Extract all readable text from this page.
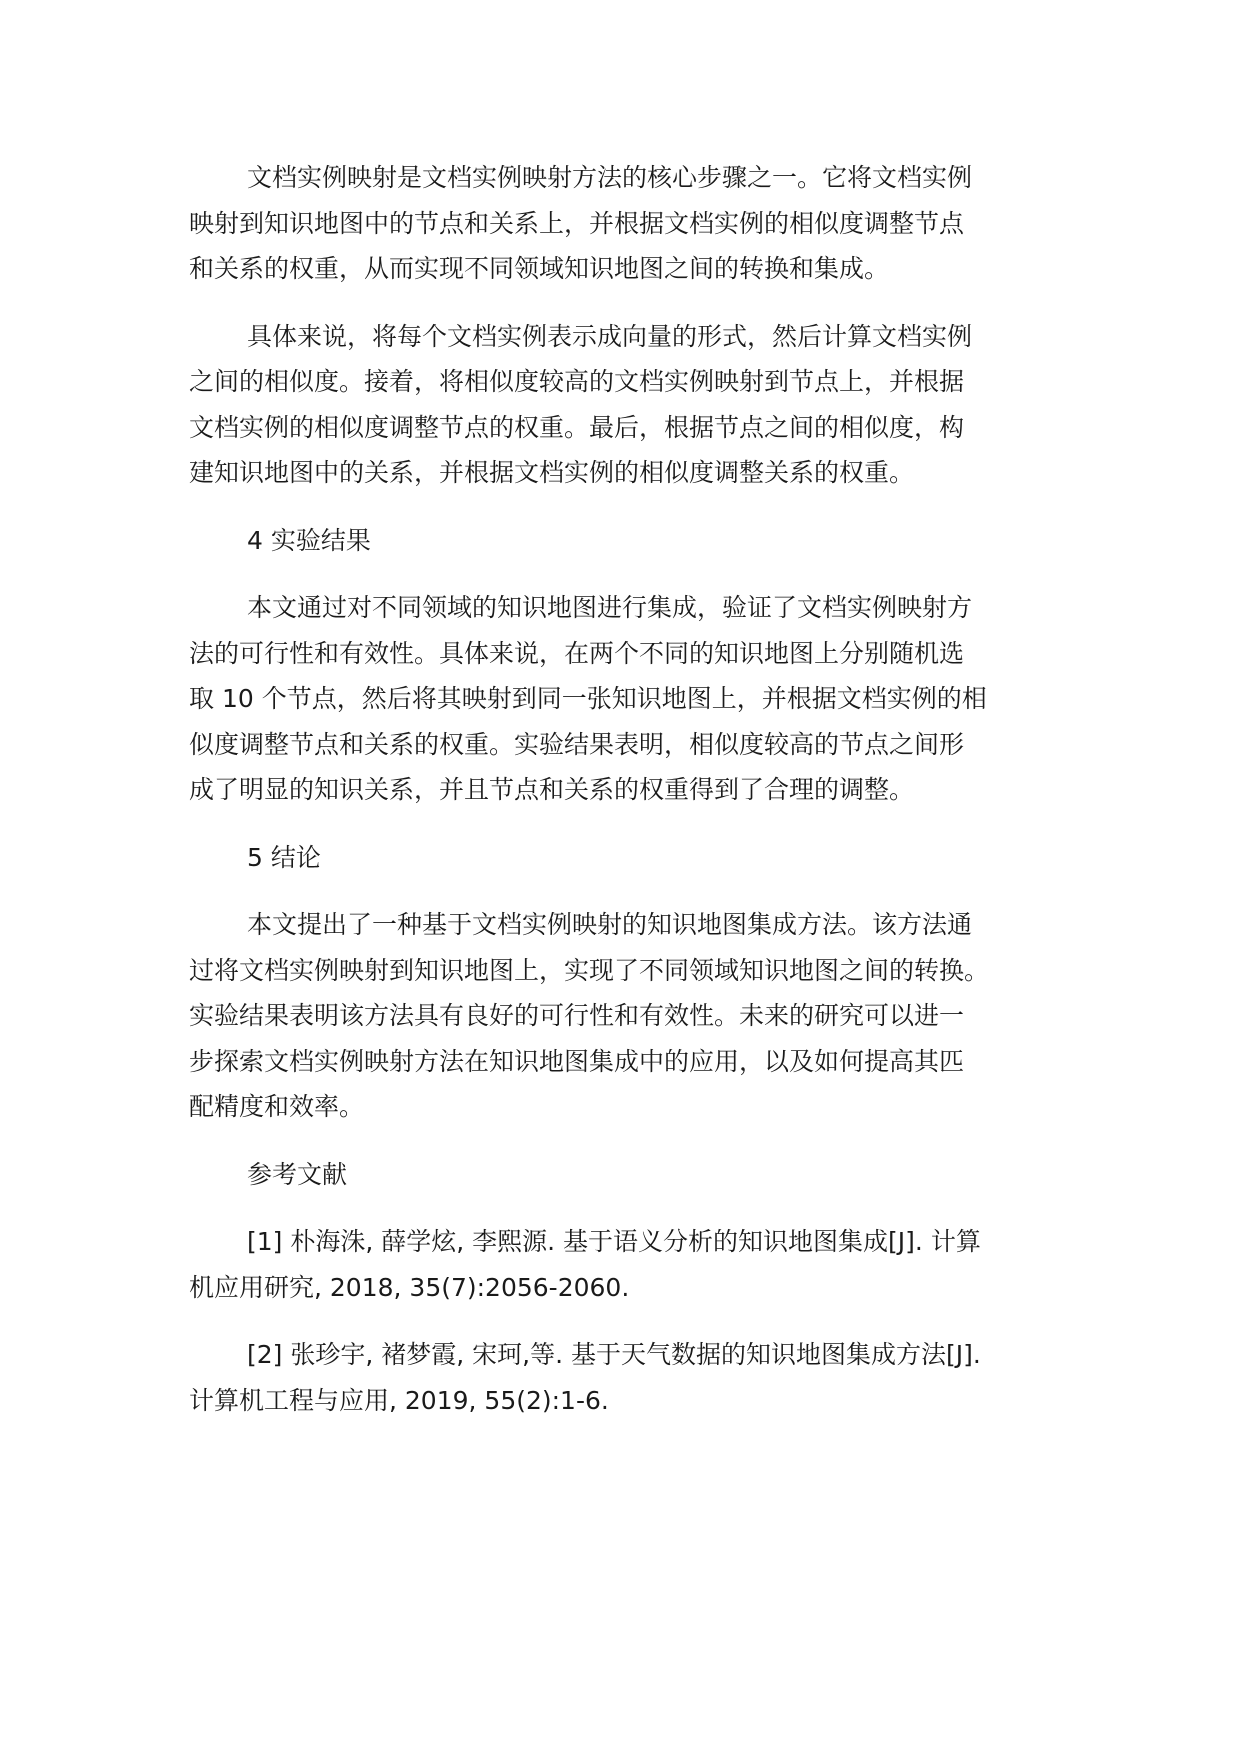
文档实例映射是文档实例映射方法的核心步骤之一。它将文档实例
映射到知识地图中的节点和关系上，并根据文档实例的相似度调整节点
和关系的权重，从而实现不同领域知识地图之间的转换和集成。

具体来说，将每个文档实例表示成向量的形式，然后计算文档实例
之间的相似度。接着，将相似度较高的文档实例映射到节点上，并根据
文档实例的相似度调整节点的权重。最后，根据节点之间的相似度，构
建知识地图中的关系，并根据文档实例的相似度调整关系的权重。

4 实验结果

本文通过对不同领域的知识地图进行集成，验证了文档实例映射方
法的可行性和有效性。具体来说，在两个不同的知识地图上分别随机选
取 10 个节点，然后将其映射到同一张知识地图上，并根据文档实例的相
似度调整节点和关系的权重。实验结果表明，相似度较高的节点之间形
成了明显的知识关系，并且节点和关系的权重得到了合理的调整。

5 结论

本文提出了一种基于文档实例映射的知识地图集成方法。该方法通
过将文档实例映射到知识地图上，实现了不同领域知识地图之间的转换。
实验结果表明该方法具有良好的可行性和有效性。未来的研究可以进一
步探索文档实例映射方法在知识地图集成中的应用，以及如何提高其匹
配精度和效率。

参考文献

[1] 朴海洙, 薛学炫, 李熙源. 基于语义分析的知识地图集成[J]. 计算
机应用研究, 2018, 35(7):2056-2060.

[2] 张珍宇, 褚梦霞, 宋珂,等. 基于天气数据的知识地图集成方法[J].
计算机工程与应用, 2019, 55(2):1-6.
